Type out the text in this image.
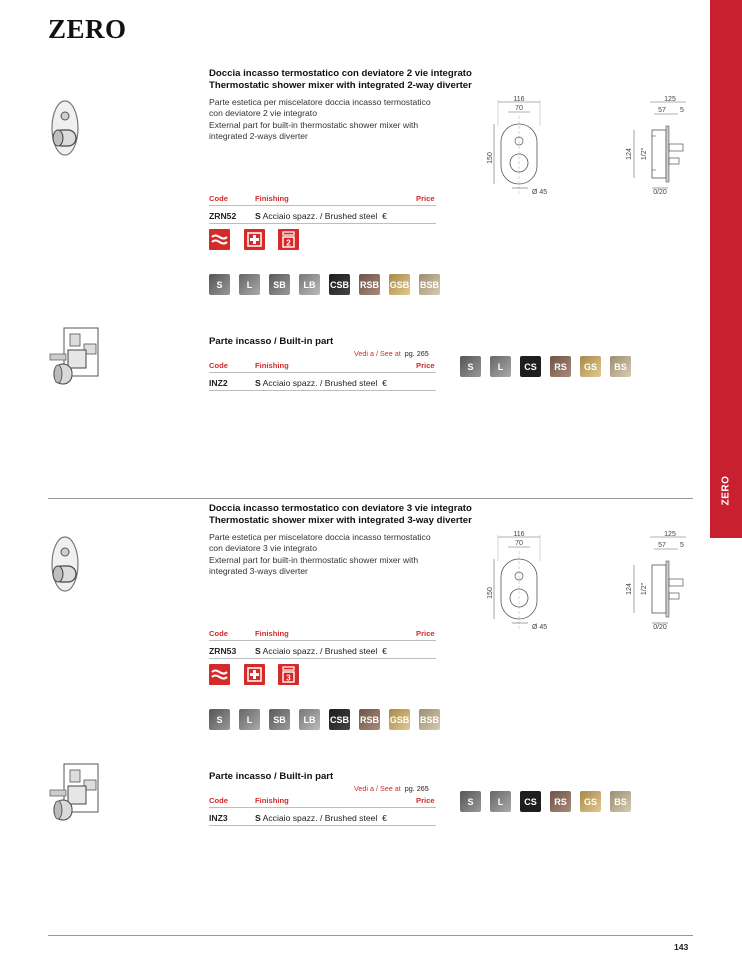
ZERO
ZERO
Doccia incasso termostatico con deviatore 2 vie integrato
Thermostatic shower mixer with integrated 2-way diverter
Parte estetica per miscelatore doccia incasso termostatico con deviatore 2 vie integrato
External part for built-in thermostatic shower mixer with integrated 2-ways diverter
116
70
150
Ø 45
125
57 5
124 1/2"
0/20
Code	Finishing	Price
ZRN52 S Acciaio spazz. / Brushed steel €
2
S	L	SB	LB	CSB RSB GSB BSB
Parte incasso / Built-in part
Vedi a / See at pg. 265
Code	Finishing	Price
INZ2	S Acciaio spazz. / Brushed steel €
S	L	CS	RS	GS	BS
Doccia incasso termostatico con deviatore 3 vie integrato
Thermostatic shower mixer with integrated 3-way diverter
Parte estetica per miscelatore doccia incasso termostatico con deviatore 3 vie integrato
External part for built-in thermostatic shower mixer with integrated 3-ways diverter
116
70
150
Ø 45
125
57 5
124 1/2"
0/20
Code	Finishing	Price
ZRN53 S Acciaio spazz. / Brushed steel €
3
S	L	SB	LB	CSB RSB GSB BSB
Parte incasso / Built-in part
Vedi a / See at pg. 265
Code	Finishing	Price
INZ3	S Acciaio spazz. / Brushed steel €
S	L	CS	RS	GS	BS
143
